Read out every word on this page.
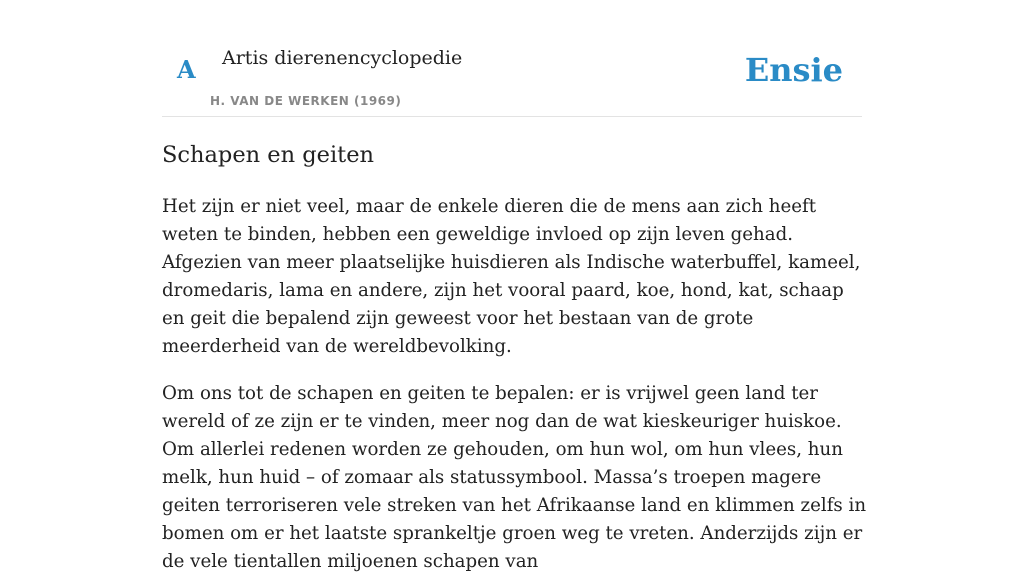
A Artis dierenencyclopedie
H. VAN DE WERKEN (1969)
Ensie
Schapen en geiten

Het zijn er niet veel, maar de enkele dieren die de mens aan zich heeft weten te binden, hebben een geweldige invloed op zijn leven gehad. Afgezien van meer plaatselijke huisdieren als Indische waterbuffel, kameel, dromedaris, lama en andere, zijn het vooral paard, koe, hond, kat, schaap en geit die bepalend zijn geweest voor het bestaan van de grote meerderheid van de wereldbevolking.

Om ons tot de schapen en geiten te bepalen: er is vrijwel geen land ter wereld of ze zijn er te vinden, meer nog dan de wat kieskeuriger huiskoe. Om allerlei redenen worden ze gehouden, om hun wol, om hun vlees, hun melk, hun huid – of zomaar als statussymbool. Massa’s troepen magere geiten terroriseren vele streken van het Afrikaanse land en klimmen zelfs in bomen om er het laatste sprankeltje groen weg te vreten. Anderzijds zijn er de vele tientallen miljoenen schapen van
